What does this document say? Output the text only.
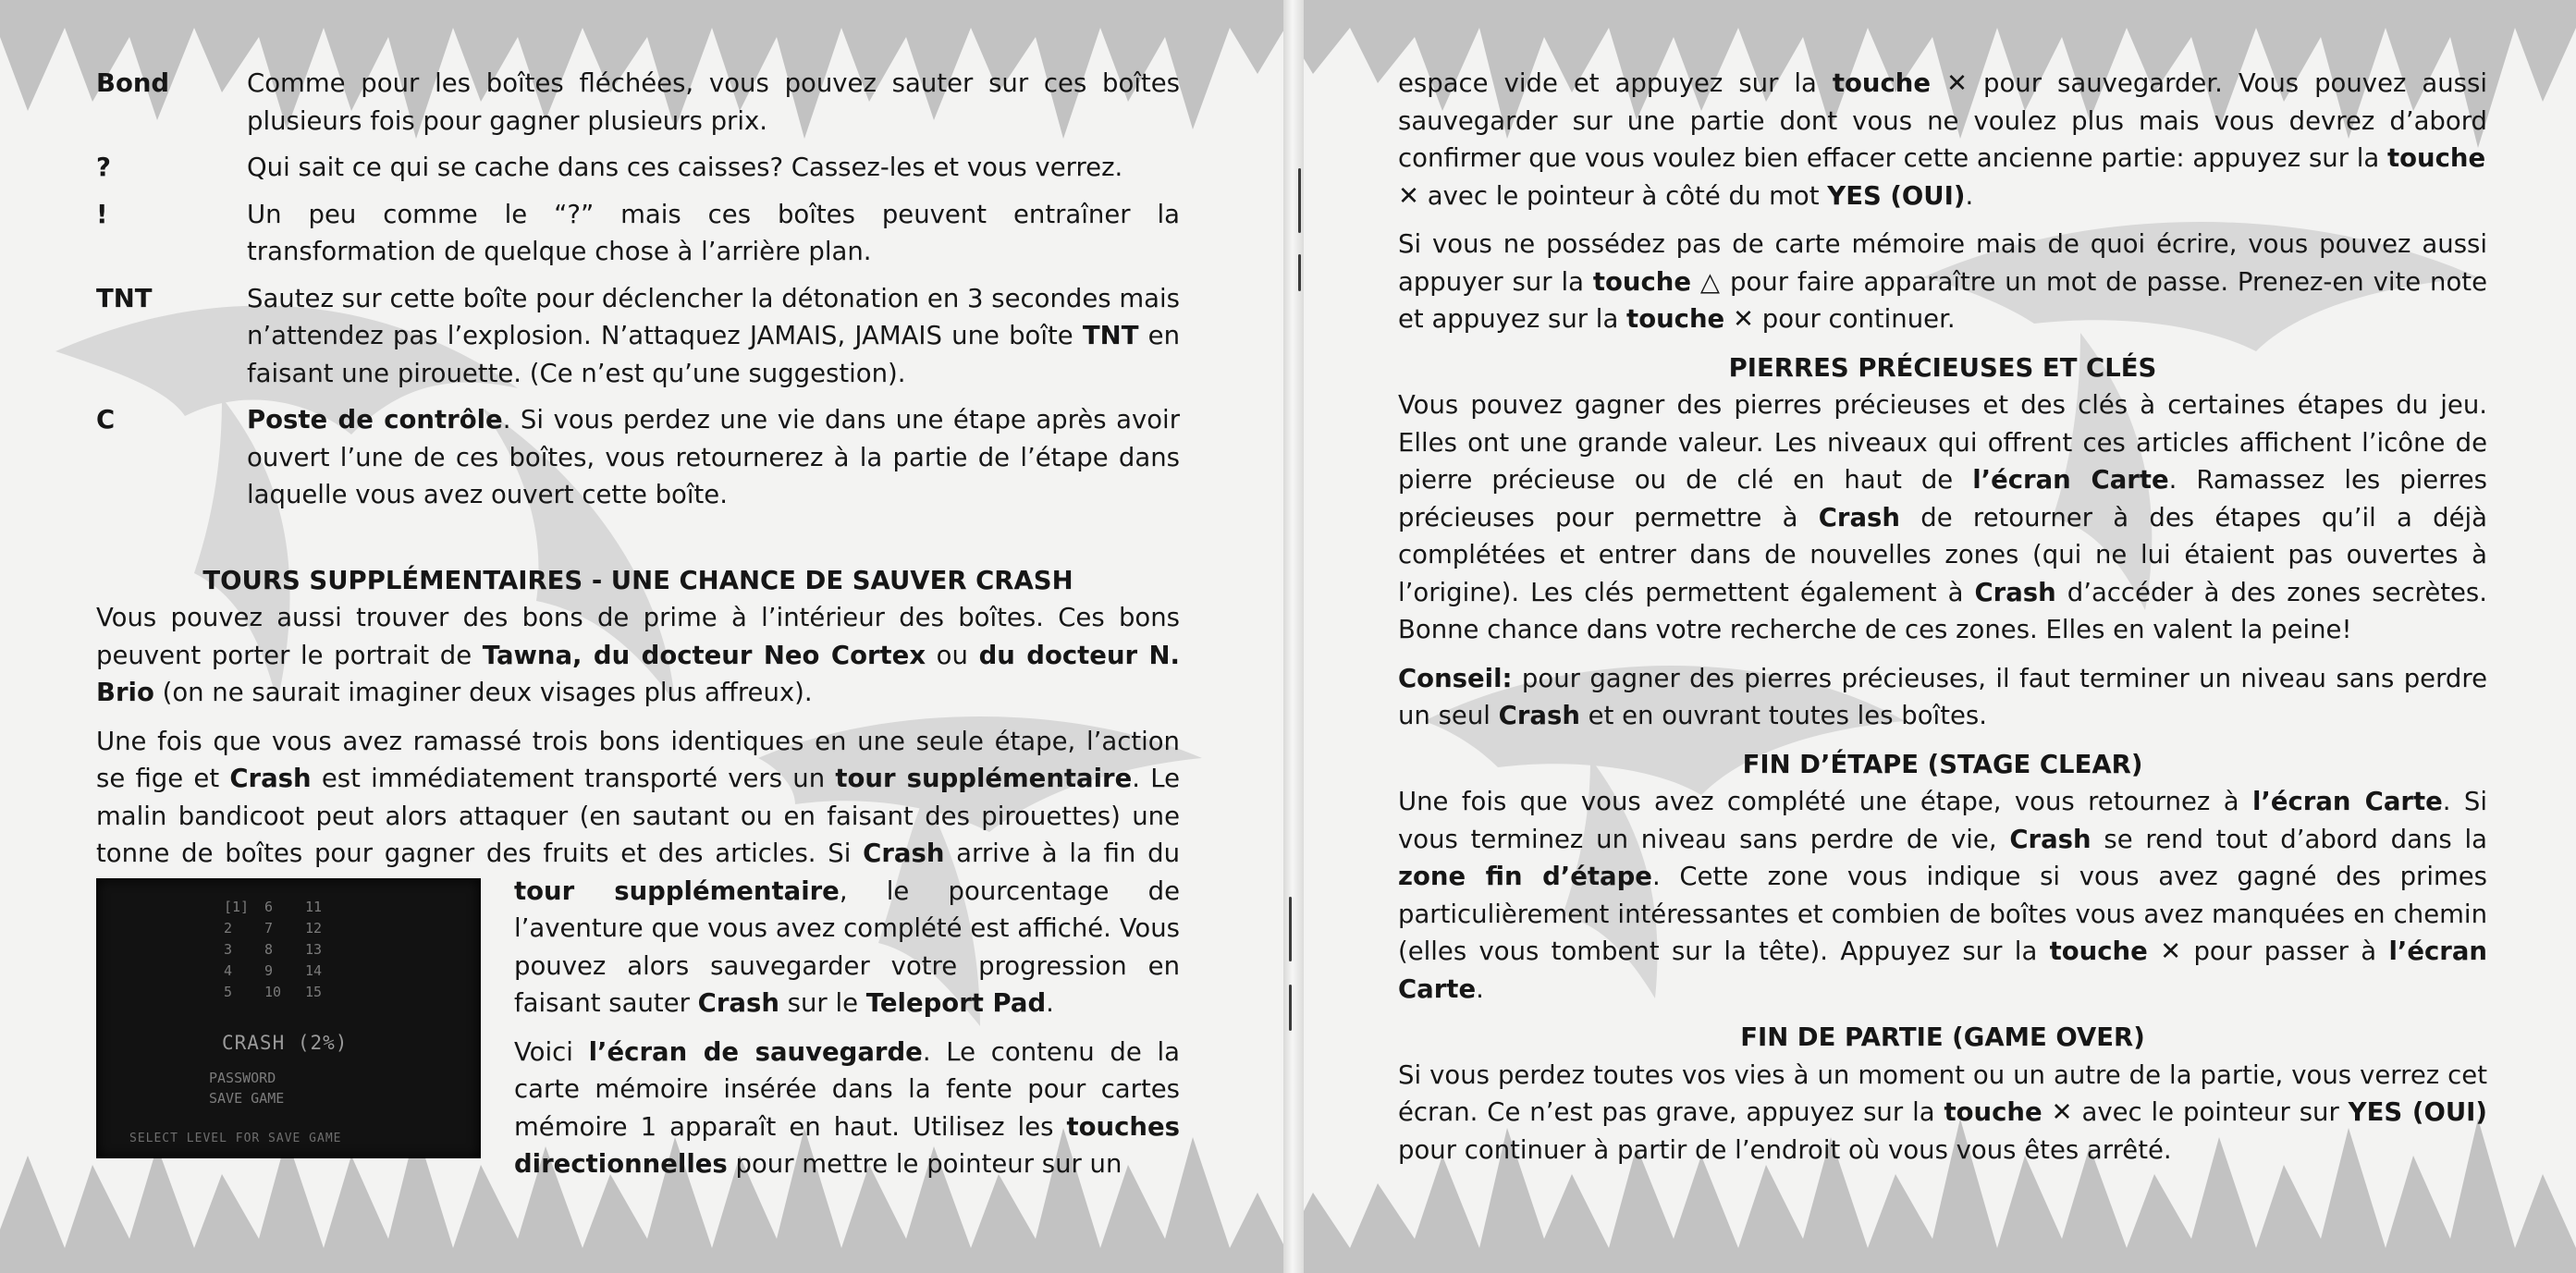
Bond	Comme pour les boîtes fléchées, vous pouvez sauter sur ces boîtes plusieurs fois pour gagner plusieurs prix.
?	Qui sait ce qui se cache dans ces caisses? Cassez-les et vous verrez.
!	Un peu comme le “?” mais ces boîtes peuvent entraîner la transformation de quelque chose à l’arrière plan.
TNT	Sautez sur cette boîte pour déclencher la détonation en 3 secondes mais n’attendez pas l’explosion. N’attaquez JAMAIS, JAMAIS une boîte TNT en faisant une pirouette. (Ce n’est qu’une suggestion).

C	Poste de contrôle. Si vous perdez une vie dans une étape après avoir ouvert l’une de ces boîtes, vous retournerez à la partie de l’étape dans laquelle vous avez ouvert cette boîte.

TOURS SUPPLÉMENTAIRES - UNE CHANCE DE SAUVER CRASH

Vous pouvez aussi trouver des bons de prime à l’intérieur des boîtes. Ces bons peuvent porter le portrait de Tawna, du docteur Neo Cortex ou du docteur N. Brio (on ne saurait imaginer deux visages plus affreux).

Une fois que vous avez ramassé trois bons identiques en une seule étape, l’action se fige et Crash est immédiatement transporté vers un tour supplémentaire. Le malin bandicoot peut alors attaquer (en sautant ou en faisant des pirouettes) une tonne de boîtes pour gagner des fruits et des articles. Si Crash arrive à la fin du
[1] 6 11
2 7 12
3 8 13
4 9 14
5 10 15
CRASH (2%)
PASSWORD
SAVE GAME
SELECT LEVEL FOR SAVE GAME
tour supplémentaire, le pourcentage de l’aventure que vous avez complété est affiché. Vous pouvez alors sauvegarder votre progression en faisant sauter Crash sur le Teleport Pad.

Voici l’écran de sauvegarde. Le contenu de la carte mémoire insérée dans la fente pour cartes mémoire 1 apparaît en haut. Utilisez les touches directionnelles pour mettre le pointeur sur un

espace vide et appuyez sur la touche ✕ pour sauvegarder. Vous pouvez aussi sauvegarder sur une partie dont vous ne voulez plus mais vous devrez d’abord confirmer que vous voulez bien effacer cette ancienne partie: appuyez sur la touche
✕ avec le pointeur à côté du mot YES (OUI).

Si vous ne possédez pas de carte mémoire mais de quoi écrire, vous pouvez aussi appuyer sur la touche △ pour faire apparaître un mot de passe. Prenez-en vite note et appuyez sur la touche ✕ pour continuer.

PIERRES PRÉCIEUSES ET CLÉS

Vous pouvez gagner des pierres précieuses et des clés à certaines étapes du jeu. Elles ont une grande valeur. Les niveaux qui offrent ces articles affichent l’icône de pierre précieuse ou de clé en haut de l’écran Carte. Ramassez les pierres précieuses pour permettre à Crash de retourner à des étapes qu’il a déjà complétées et entrer dans de nouvelles zones (qui ne lui étaient pas ouvertes à l’origine). Les clés permettent également à Crash d’accéder à des zones secrètes. Bonne chance dans votre recherche de ces zones. Elles en valent la peine!

Conseil: pour gagner des pierres précieuses, il faut terminer un niveau sans perdre un seul Crash et en ouvrant toutes les boîtes.

FIN D’ÉTAPE (STAGE CLEAR)

Une fois que vous avez complété une étape, vous retournez à l’écran Carte. Si vous terminez un niveau sans perdre de vie, Crash se rend tout d’abord dans la zone fin d’étape. Cette zone vous indique si vous avez gagné des primes particulièrement intéressantes et combien de boîtes vous avez manquées en chemin (elles vous tombent sur la tête). Appuyez sur la touche ✕ pour passer à l’écran Carte.

FIN DE PARTIE (GAME OVER)

Si vous perdez toutes vos vies à un moment ou un autre de la partie, vous verrez cet écran. Ce n’est pas grave, appuyez sur la touche ✕ avec le pointeur sur YES (OUI) pour continuer à partir de l’endroit où vous vous êtes arrêté.
